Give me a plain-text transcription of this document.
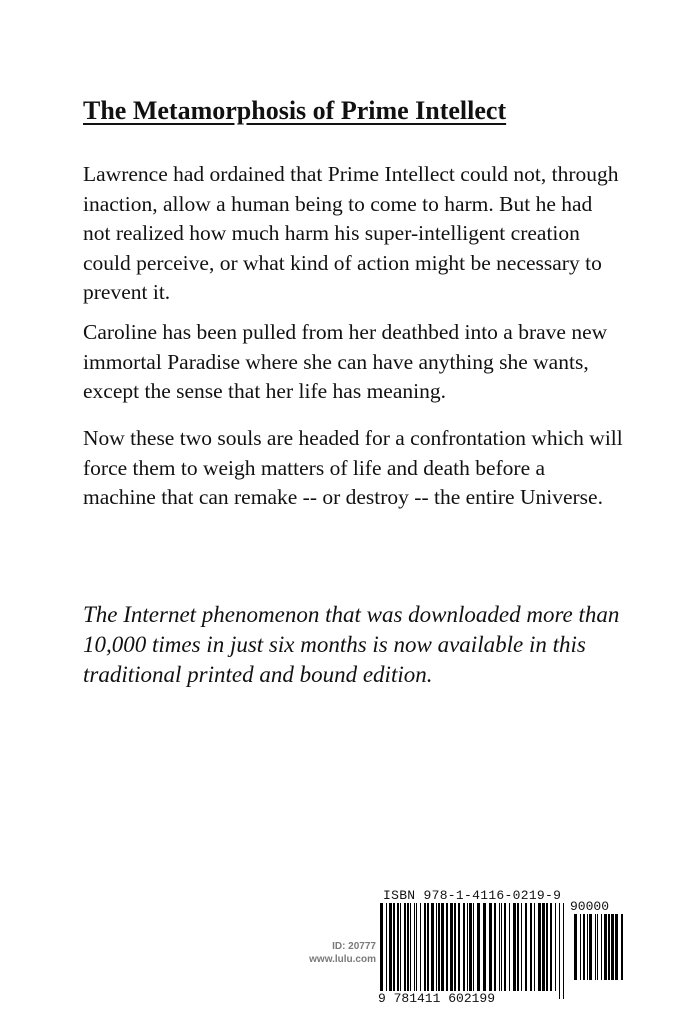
The Metamorphosis of Prime Intellect
Lawrence had ordained that Prime Intellect could not, through inaction, allow a human being to come to harm. But he had not realized how much harm his super-intelligent creation could perceive, or what kind of action might be necessary to prevent it.
Caroline has been pulled from her deathbed into a brave new immortal Paradise where she can have anything she wants, except the sense that her life has meaning.
Now these two souls are headed for a confrontation which will force them to weigh matters of life and death before a machine that can remake -- or destroy -- the entire Universe.
The Internet phenomenon that was downloaded more than 10,000 times in just six months is now available in this traditional printed and bound edition.
ID: 20777
www.lulu.com
ISBN 978-1-4116-0219-9
90000
9 781411 602199
